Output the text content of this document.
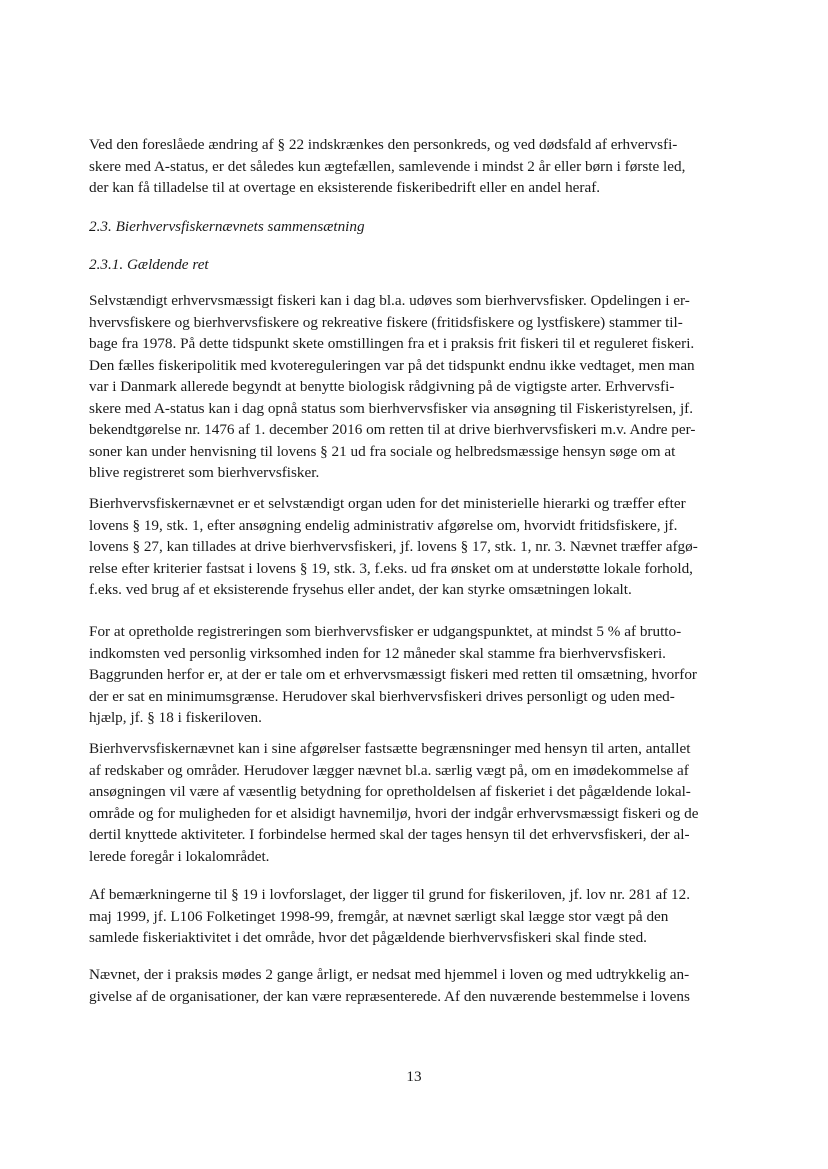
Ved den foreslåede ændring af § 22 indskrænkes den personkreds, og ved dødsfald af erhvervsfi-
skere med A-status, er det således kun ægtefællen, samlevende i mindst 2 år eller børn i første led,
der kan få tilladelse til at overtage en eksisterende fiskeribedrift eller en andel heraf.
2.3. Bierhvervsfiskernævnets sammensætning
2.3.1. Gældende ret
Selvstændigt erhvervsmæssigt fiskeri kan i dag bl.a. udøves som bierhvervsfisker. Opdelingen i er-
hvervsfiskere og bierhvervsfiskere og rekreative fiskere (fritidsfiskere og lystfiskere) stammer til-
bage fra 1978. På dette tidspunkt skete omstillingen fra et i praksis frit fiskeri til et reguleret fiskeri.
Den fælles fiskeripolitik med kvotereguleringen var på det tidspunkt endnu ikke vedtaget, men man
var i Danmark allerede begyndt at benytte biologisk rådgivning på de vigtigste arter. Erhvervsfi-
skere med A-status kan i dag opnå status som bierhvervsfisker via ansøgning til Fiskeristyrelsen, jf.
bekendtgørelse nr. 1476 af 1. december 2016 om retten til at drive bierhvervsfiskeri m.v. Andre per-
soner kan under henvisning til lovens § 21 ud fra sociale og helbredsmæssige hensyn søge om at
blive registreret som bierhvervsfisker.
Bierhvervsfiskernævnet er et selvstændigt organ uden for det ministerielle hierarki og træffer efter
lovens § 19, stk. 1, efter ansøgning endelig administrativ afgørelse om, hvorvidt fritidsfiskere, jf.
lovens § 27, kan tillades at drive bierhvervsfiskeri, jf. lovens § 17, stk. 1, nr. 3. Nævnet træffer afgø-
relse efter kriterier fastsat i lovens § 19, stk. 3, f.eks. ud fra ønsket om at understøtte lokale forhold,
f.eks. ved brug af et eksisterende frysehus eller andet, der kan styrke omsætningen lokalt.
For at opretholde registreringen som bierhvervsfisker er udgangspunktet, at mindst 5 % af brutto-
indkomsten ved personlig virksomhed inden for 12 måneder skal stamme fra bierhvervsfiskeri.
Baggrunden herfor er, at der er tale om et erhvervsmæssigt fiskeri med retten til omsætning, hvorfor
der er sat en minimumsgrænse. Herudover skal bierhvervsfiskeri drives personligt og uden med-
hjælp, jf. § 18 i fiskeriloven.
Bierhvervsfiskernævnet kan i sine afgørelser fastsætte begrænsninger med hensyn til arten, antallet
af redskaber og områder. Herudover lægger nævnet bl.a. særlig vægt på, om en imødekommelse af
ansøgningen vil være af væsentlig betydning for opretholdelsen af fiskeriet i det pågældende lokal-
område og for muligheden for et alsidigt havnemiljø, hvori der indgår erhvervsmæssigt fiskeri og de
dertil knyttede aktiviteter. I forbindelse hermed skal der tages hensyn til det erhvervsfiskeri, der al-
lerede foregår i lokalområdet.
Af bemærkningerne til § 19 i lovforslaget, der ligger til grund for fiskeriloven, jf. lov nr. 281 af 12.
maj 1999, jf. L106 Folketinget 1998-99, fremgår, at nævnet særligt skal lægge stor vægt på den
samlede fiskeriaktivitet i det område, hvor det pågældende bierhvervsfiskeri skal finde sted.
Nævnet, der i praksis mødes 2 gange årligt, er nedsat med hjemmel i loven og med udtrykkelig an-
givelse af de organisationer, der kan være repræsenterede. Af den nuværende bestemmelse i lovens
13
